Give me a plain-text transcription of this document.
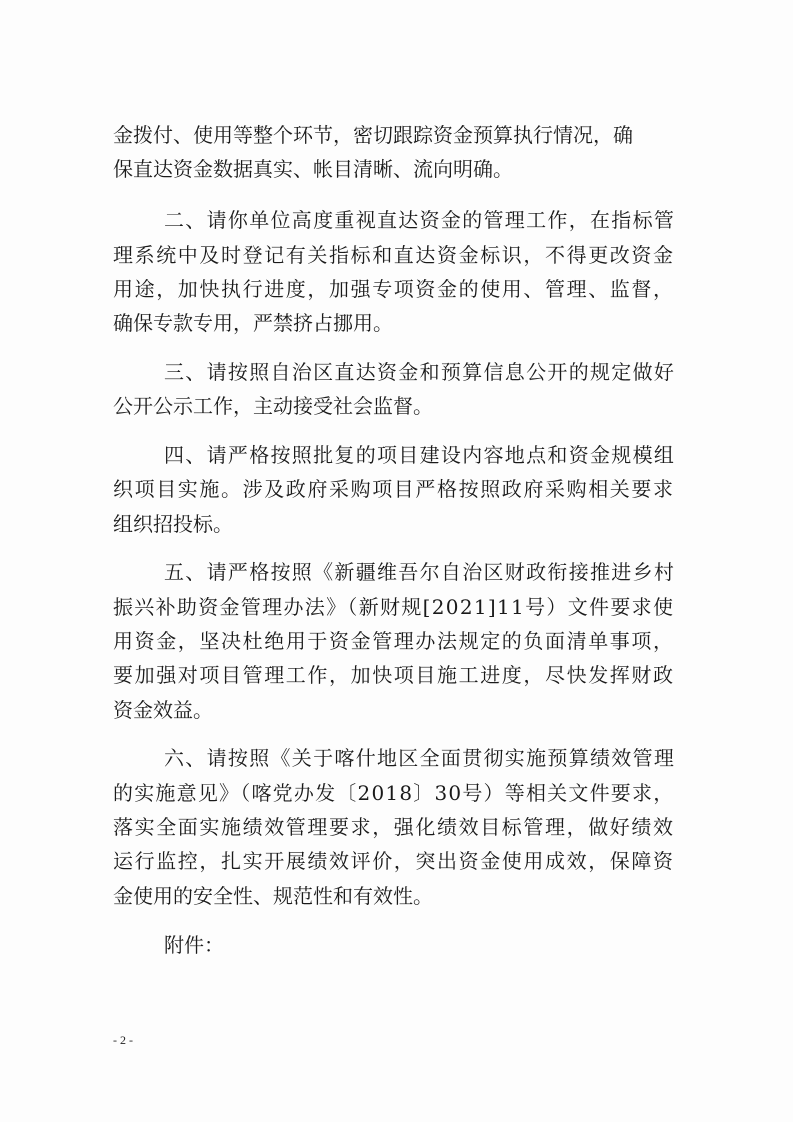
金拨付、使用等整个环节，密切跟踪资金预算执行情况，确
保直达资金数据真实、帐目清晰、流向明确。
二、请你单位高度重视直达资金的管理工作，在指标管
理系统中及时登记有关指标和直达资金标识，不得更改资金
用途，加快执行进度，加强专项资金的使用、管理、监督，
确保专款专用，严禁挤占挪用。
三、请按照自治区直达资金和预算信息公开的规定做好
公开公示工作，主动接受社会监督。
四、请严格按照批复的项目建设内容地点和资金规模组
织项目实施。涉及政府采购项目严格按照政府采购相关要求
组织招投标。
五、请严格按照《新疆维吾尔自治区财政衔接推进乡村
振兴补助资金管理办法》（新财规[2021]11号）文件要求使
用资金，坚决杜绝用于资金管理办法规定的负面清单事项，
要加强对项目管理工作，加快项目施工进度，尽快发挥财政
资金效益。
六、请按照《关于喀什地区全面贯彻实施预算绩效管理
的实施意见》（喀党办发〔2018〕30号）等相关文件要求，
落实全面实施绩效管理要求，强化绩效目标管理，做好绩效
运行监控，扎实开展绩效评价，突出资金使用成效，保障资
金使用的安全性、规范性和有效性。
附件：
- 2 -
